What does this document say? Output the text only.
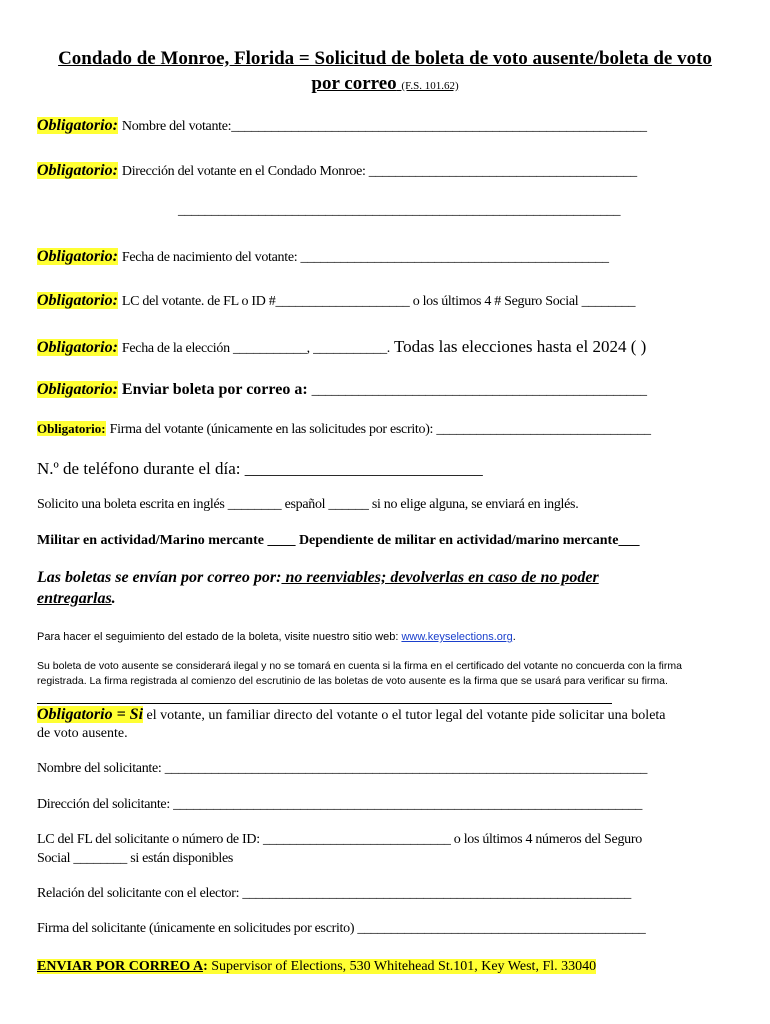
Condado de Monroe, Florida = Solicitud de boleta de voto ausente/boleta de voto
por correo (F.S. 101.62)
Obligatorio: Nombre del votante:______________________________________________________________
Obligatorio: Dirección del votante en el Condado Monroe: ________________________________________
__________________________________________________________________
Obligatorio: Fecha de nacimiento del votante: ______________________________________________
Obligatorio: LC del votante. de FL o ID #____________________ o los últimos 4 # Seguro Social ________
Obligatorio: Fecha de la elección ___________, ___________. Todas las elecciones hasta el 2024 ( )
Obligatorio: Enviar boleta por correo a: __________________________________________________
Obligatorio: Firma del votante (únicamente en las solicitudes por escrito): ________________________________
N.º de teléfono durante el día: ____________________________
Solicito una boleta escrita en inglés ________ español ______ si no elige alguna, se enviará en inglés.
Militar en actividad/Marino mercante ____ Dependiente de militar en actividad/marino mercante___
Las boletas se envían por correo por: no reenviables; devolverlas en caso de no poder
entregarlas.
Para hacer el seguimiento del estado de la boleta, visite nuestro sitio web: www.keyselections.org.
Su boleta de voto ausente se considerará ilegal y no se tomará en cuenta si la firma en el certificado del votante no concuerda con la firma
registrada. La firma registrada al comienzo del escrutinio de las boletas de voto ausente es la firma que se usará para verificar su firma.
Obligatorio = Si el votante, un familiar directo del votante o el tutor legal del votante pide solicitar una boleta
de voto ausente.
Nombre del solicitante: ________________________________________________________________________
Dirección del solicitante: ______________________________________________________________________
LC del FL del solicitante o número de ID: ____________________________ o los últimos 4 números del Seguro
Social ________ si están disponibles
Relación del solicitante con el elector: __________________________________________________________
Firma del solicitante (únicamente en solicitudes por escrito) ___________________________________________
ENVIAR POR CORREO A: Supervisor of Elections, 530 Whitehead St.101, Key West, Fl. 33040
